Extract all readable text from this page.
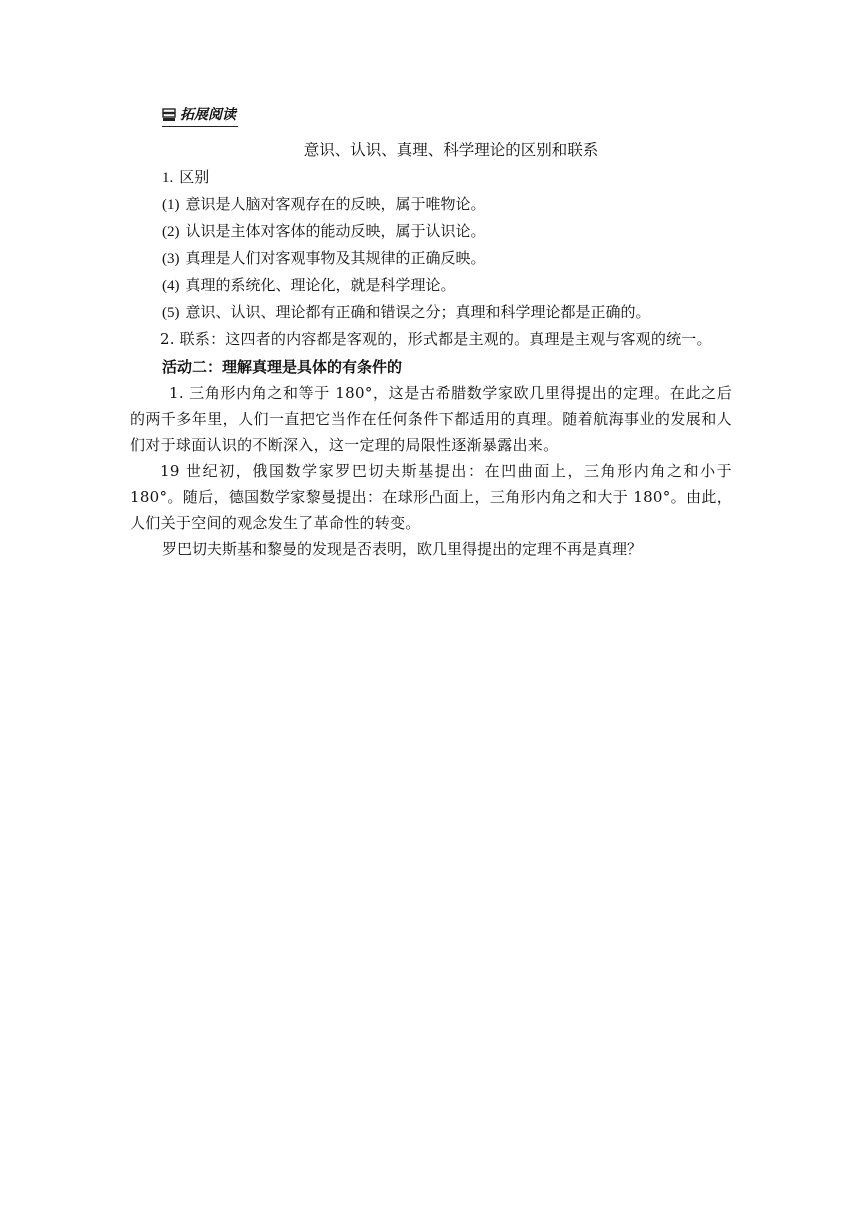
拓展阅读
意识、认识、真理、科学理论的区别和联系

1. 区别

(1) 意识是人脑对客观存在的反映，属于唯物论。

(2) 认识是主体对客体的能动反映，属于认识论。

(3) 真理是人们对客观事物及其规律的正确反映。

(4) 真理的系统化、理论化，就是科学理论。

(5) 意识、认识、理论都有正确和错误之分；真理和科学理论都是正确的。

2. 联系：这四者的内容都是客观的，形式都是主观的。真理是主观与客观的统一。

活动二：理解真理是具体的有条件的

1. 三角形内角之和等于 180°，这是古希腊数学家欧几里得提出的定理。在此之后的两千多年里，人们一直把它当作在任何条件下都适用的真理。随着航海事业的发展和人们对于球面认识的不断深入，这一定理的局限性逐渐暴露出来。

19 世纪初，俄国数学家罗巴切夫斯基提出：在凹曲面上，三角形内角之和小于 180°。随后，德国数学家黎曼提出：在球形凸面上，三角形内角之和大于 180°。由此，人们关于空间的观念发生了革命性的转变。

罗巴切夫斯基和黎曼的发现是否表明，欧几里得提出的定理不再是真理？
